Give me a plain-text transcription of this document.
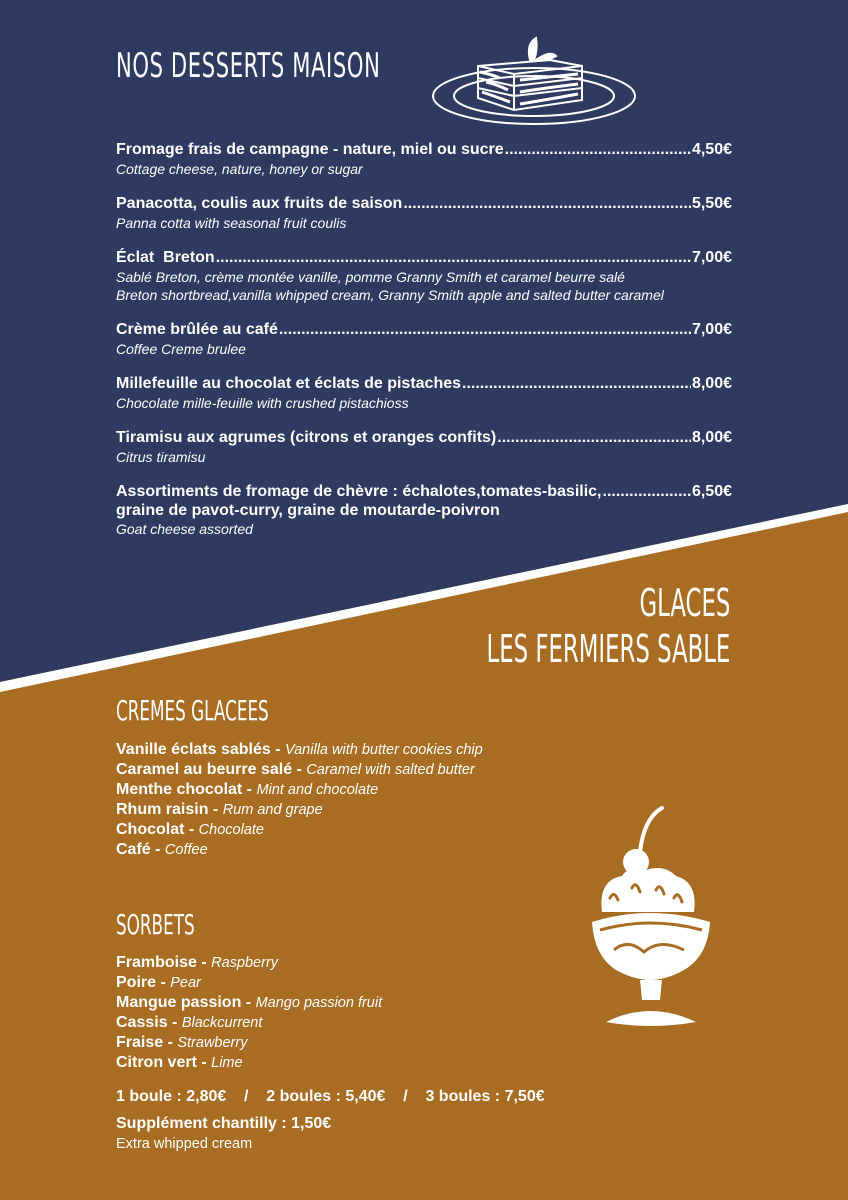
NOS DESSERTS MAISON
Fromage frais de campagne - nature, miel ou sucre .....	4,50€
Cottage cheese, nature, honey or sugar
Panacotta, coulis aux fruits de saison .....	5,50€
Panna cotta with seasonal fruit coulis
Éclat  Breton .....	7,00€
Sablé Breton, crème montée vanille, pomme Granny Smith et caramel beurre salé
Breton shortbread,vanilla whipped cream, Granny Smith apple and salted butter caramel
Crème brûlée au café .....	7,00€
Coffee Creme brulee
Millefeuille au chocolat et éclats de pistaches .....	8,00€
Chocolate mille-feuille with crushed pistachioss
Tiramisu aux agrumes (citrons et oranges confits) .....	8,00€
Citrus tiramisu
Assortiments de fromage de chèvre : échalotes,tomates-basilic, .....	6,50€
graine de pavot-curry, graine de moutarde-poivron
Goat cheese assorted
GLACES
LES FERMIERS SABLE
CREMES GLACEES
Vanille éclats sablés - Vanilla with butter cookies chip
Caramel au beurre salé - Caramel with salted butter
Menthe chocolat - Mint and chocolate
Rhum raisin - Rum and grape
Chocolat - Chocolate
Café - Coffee
SORBETS
Framboise - Raspberry
Poire - Pear
Mangue passion - Mango passion fruit
Cassis - Blackcurrent
Fraise - Strawberry
Citron vert - Lime
1 boule : 2,80€    /    2 boules : 5,40€    /    3 boules : 7,50€
Supplément chantilly : 1,50€
Extra whipped cream
